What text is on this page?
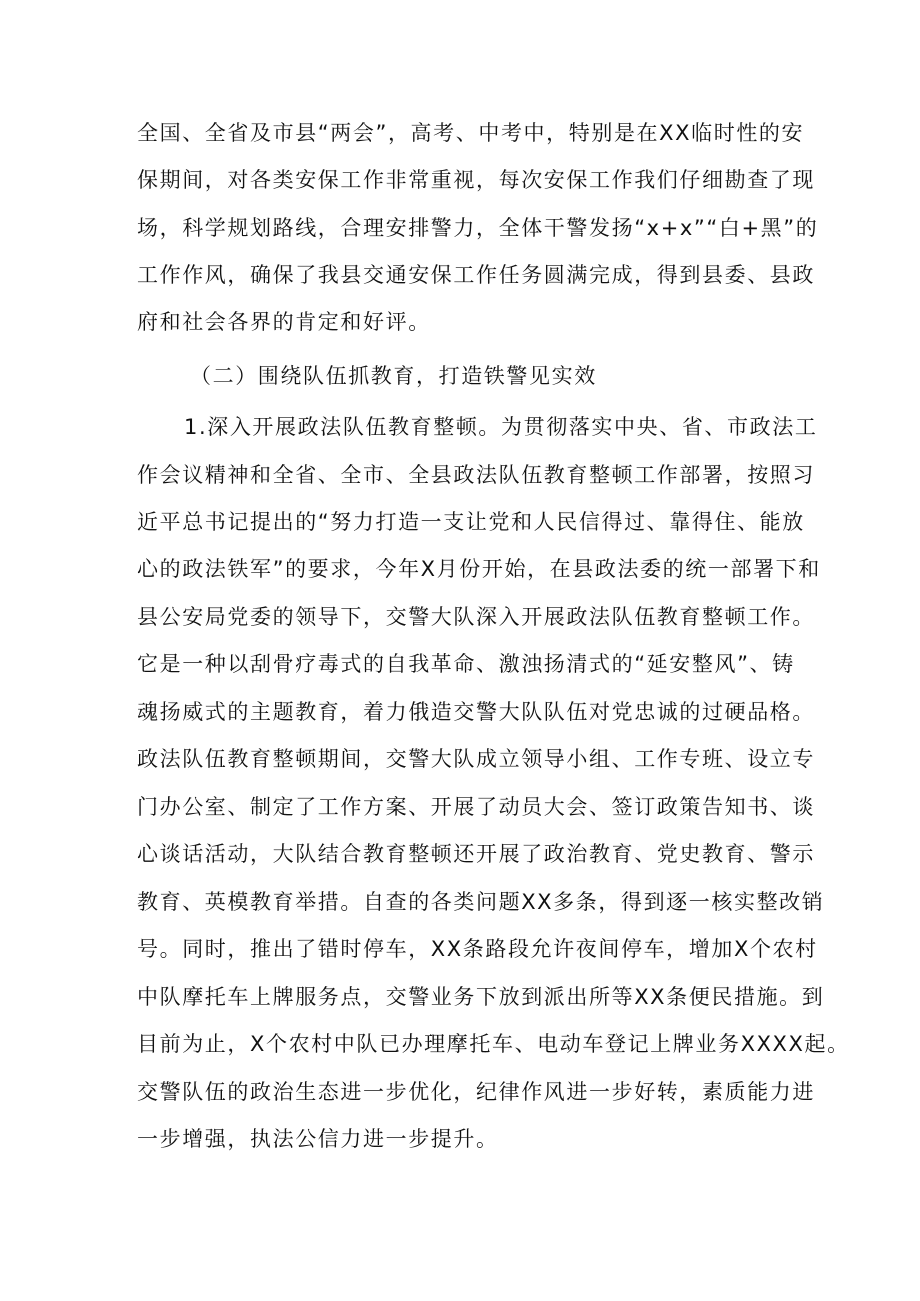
全国、全省及市县“两会”，高考、中考中，特别是在XX临时性的安
保期间，对各类安保工作非常重视，每次安保工作我们仔细勘查了现
场，科学规划路线，合理安排警力，全体干警发扬“x+x”“白+黑”的
工作作风，确保了我县交通安保工作任务圆满完成，得到县委、县政
府和社会各界的肯定和好评。
（二）围绕队伍抓教育，打造铁警见实效
1.深入开展政法队伍教育整顿。为贯彻落实中央、省、市政法工
作会议精神和全省、全市、全县政法队伍教育整顿工作部署，按照习
近平总书记提出的“努力打造一支让党和人民信得过、靠得住、能放
心的政法铁军”的要求，今年X月份开始，在县政法委的统一部署下和
县公安局党委的领导下，交警大队深入开展政法队伍教育整顿工作。
它是一种以刮骨疗毒式的自我革命、激浊扬清式的“延安整风”、铸
魂扬威式的主题教育，着力俄造交警大队队伍对党忠诚的过硬品格。
政法队伍教育整顿期间，交警大队成立领导小组、工作专班、设立专
门办公室、制定了工作方案、开展了动员大会、签订政策告知书、谈
心谈话活动，大队结合教育整顿还开展了政治教育、党史教育、警示
教育、英模教育举措。自查的各类问题XX多条，得到逐一核实整改销
号。同时，推出了错时停车，XX条路段允许夜间停车，增加X个农村
中队摩托车上牌服务点，交警业务下放到派出所等XX条便民措施。到
目前为止，X个农村中队已办理摩托车、电动车登记上牌业务XXXX起。
交警队伍的政治生态进一步优化，纪律作风进一步好转，素质能力进
一步增强，执法公信力进一步提升。
